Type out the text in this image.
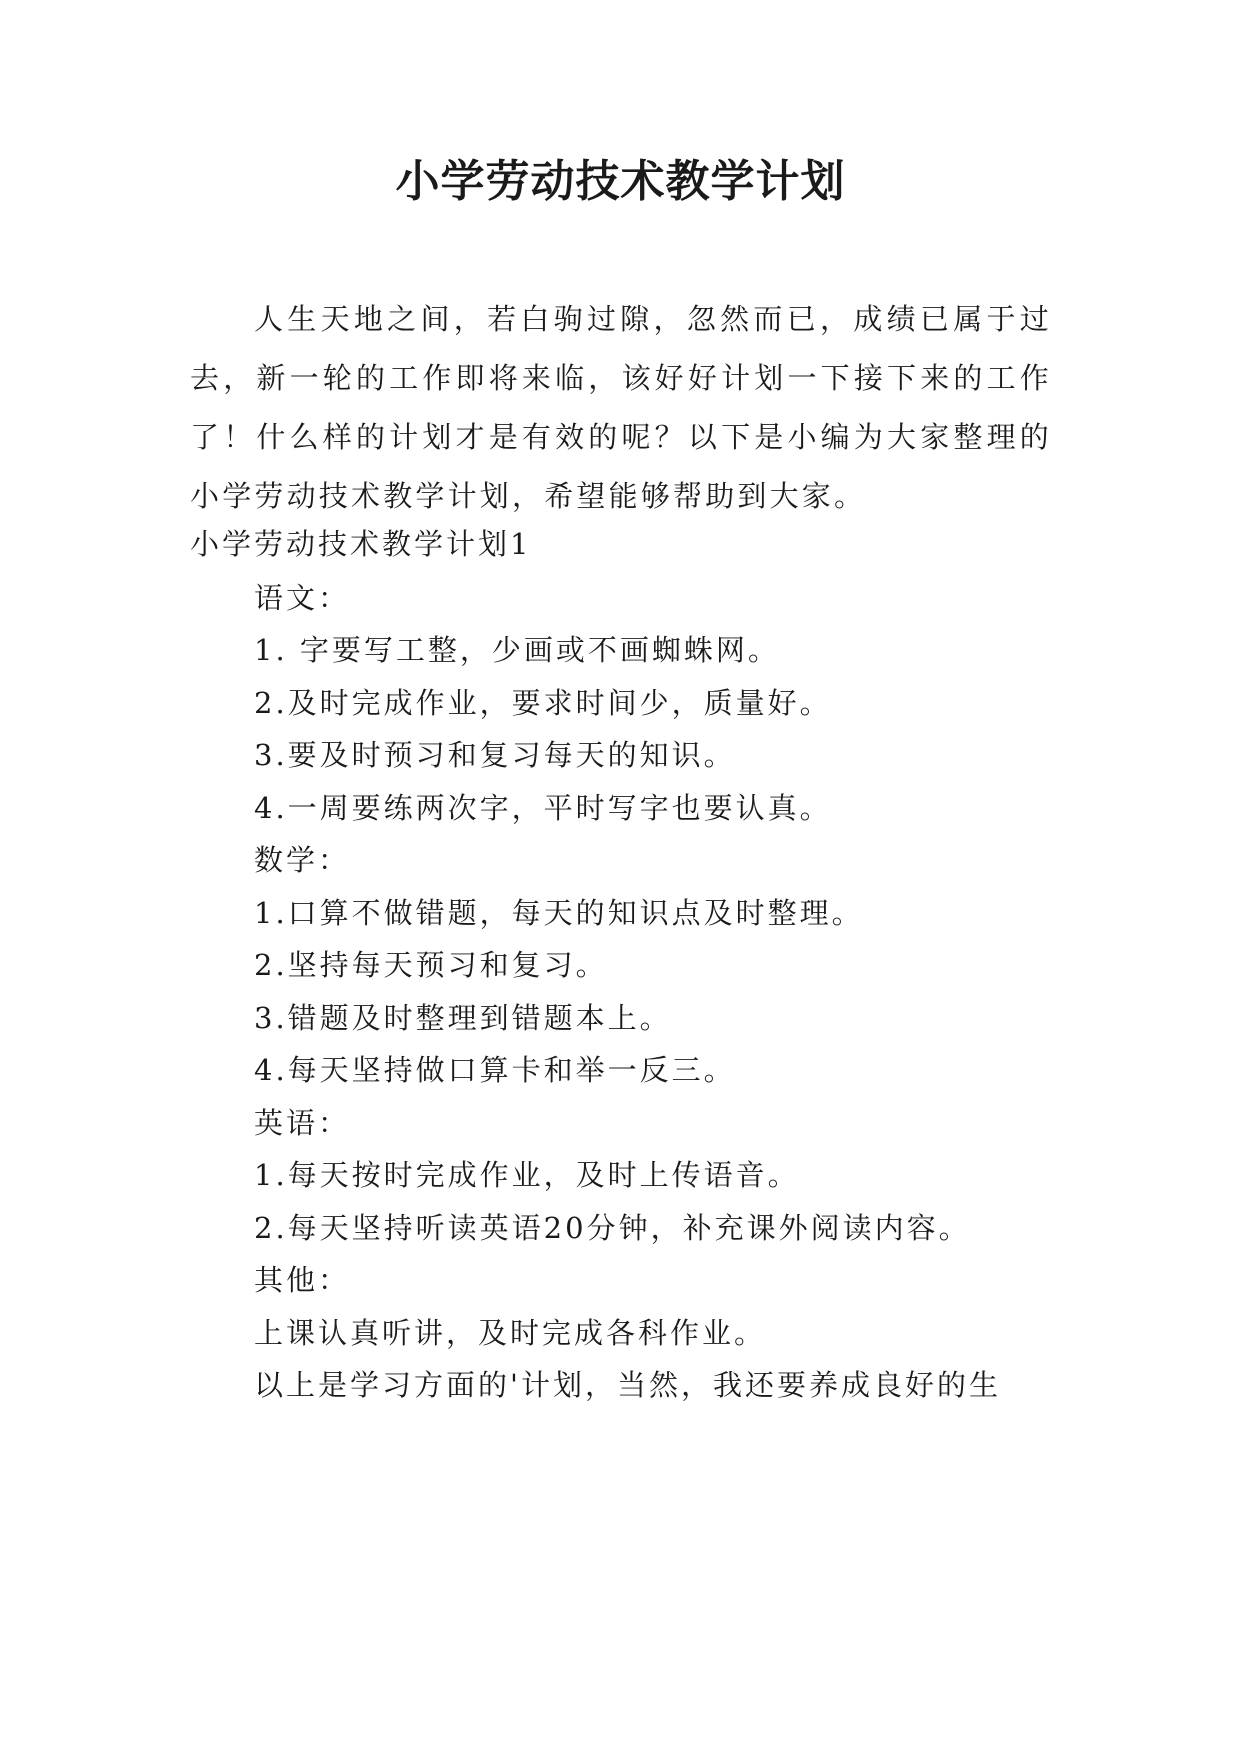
小学劳动技术教学计划

人生天地之间，若白驹过隙，忽然而已，成绩已属于过去，新一轮的工作即将来临，该好好计划一下接下来的工作了！什么样的计划才是有效的呢？以下是小编为大家整理的小学劳动技术教学计划，希望能够帮助到大家。

小学劳动技术教学计划1
语文：
1. 字要写工整，少画或不画蜘蛛网。
2.及时完成作业，要求时间少，质量好。
3.要及时预习和复习每天的知识。
4.一周要练两次字，平时写字也要认真。
数学：
1.口算不做错题，每天的知识点及时整理。
2.坚持每天预习和复习。
3.错题及时整理到错题本上。
4.每天坚持做口算卡和举一反三。
英语：
1.每天按时完成作业，及时上传语音。
2.每天坚持听读英语20分钟，补充课外阅读内容。
其他：
上课认真听讲，及时完成各科作业。
以上是学习方面的'计划，当然，我还要养成良好的生
